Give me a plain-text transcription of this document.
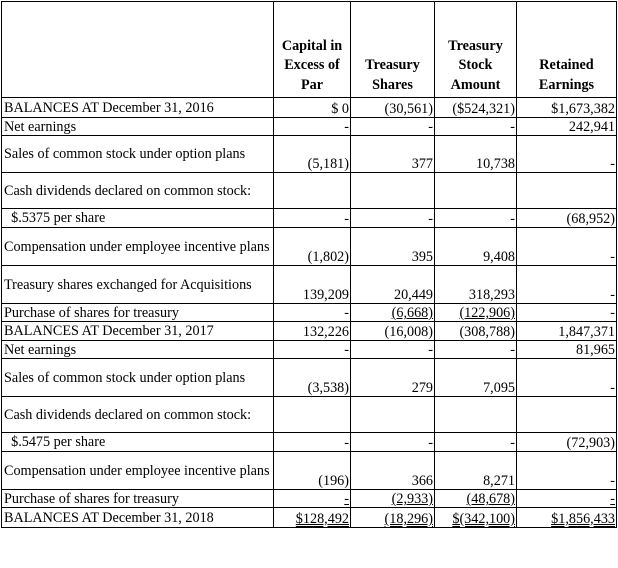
	Capital in Excess of Par	Treasury Shares	Treasury Stock Amount	Retained Earnings
BALANCES AT December 31, 2016	$ 0	(30,561)	($524,321)	$1,673,382
Net earnings	-	-	-	242,941
Sales of common stock under option plans	(5,181)	377	10,738	-
Cash dividends declared on common stock:				
$.5375 per share	-	-	-	(68,952)
Compensation under employee incentive plans	(1,802)	395	9,408	-
Treasury shares exchanged for Acquisitions	139,209	20,449	318,293	-
Purchase of shares for treasury	-	(6,668)	(122,906)	-
BALANCES AT December 31, 2017	132,226	(16,008)	(308,788)	1,847,371
Net earnings	-	-	-	81,965
Sales of common stock under option plans	(3,538)	279	7,095	-
Cash dividends declared on common stock:				
$.5475 per share	-	-	-	(72,903)
Compensation under employee incentive plans	(196)	366	8,271	-
Purchase of shares for treasury	-	(2,933)	(48,678)	-
BALANCES AT December 31, 2018	$128,492	(18,296)	$(342,100)	$1,856,433
